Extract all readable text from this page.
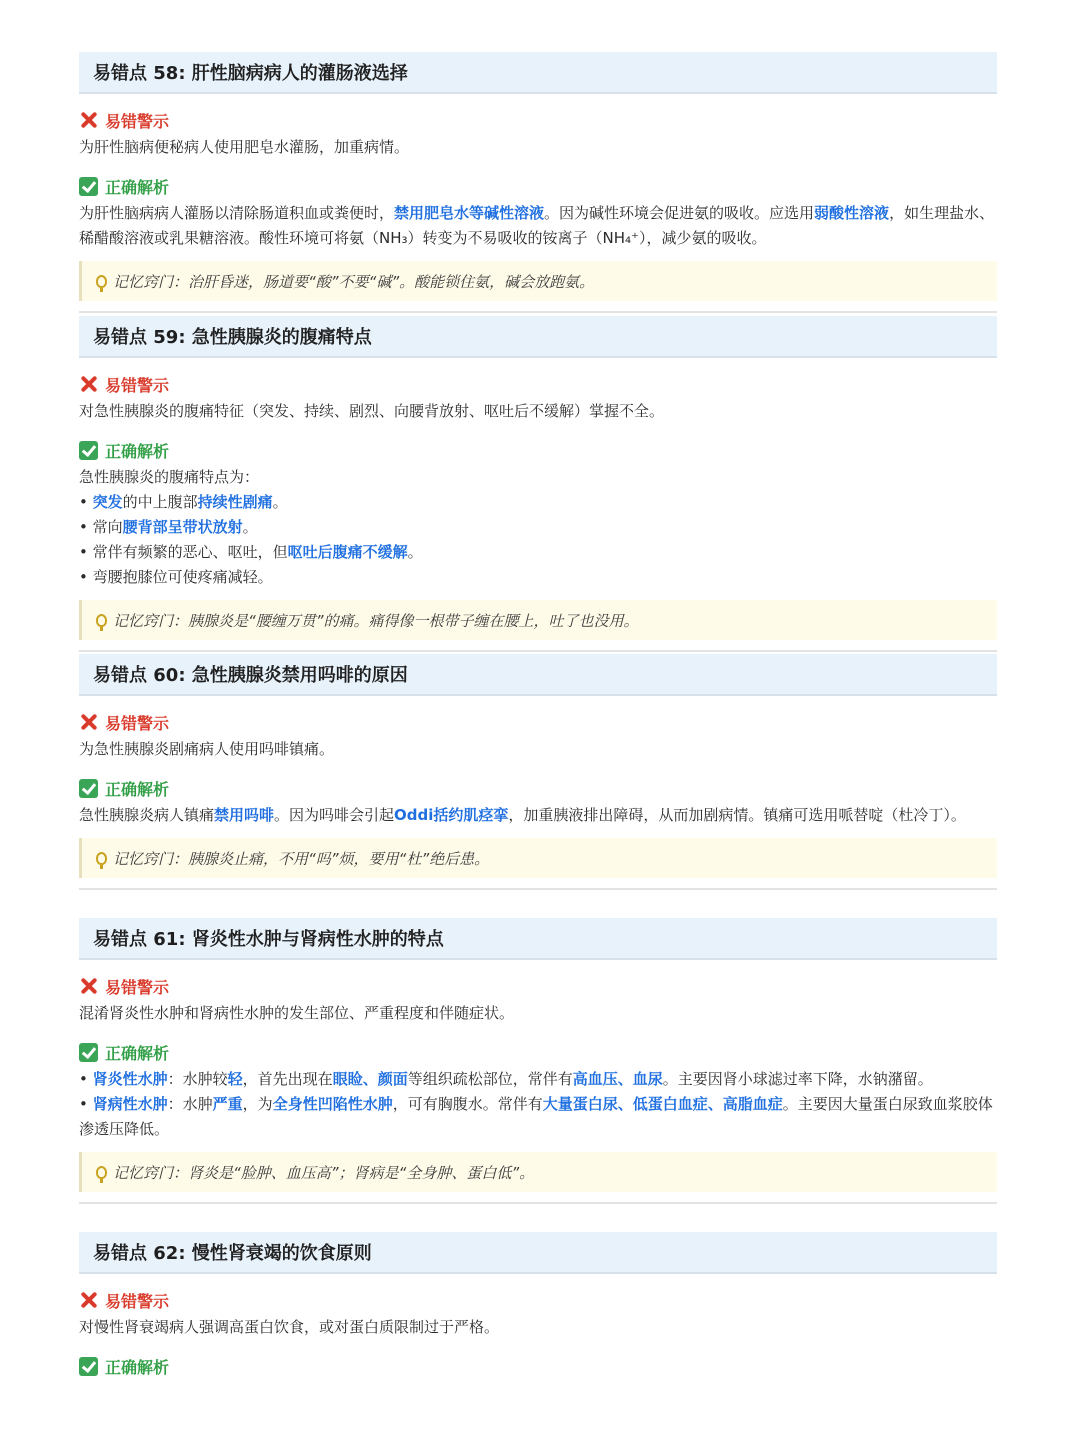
易错点 58: 肝性脑病病人的灌肠液选择
易错警示
为肝性脑病便秘病人使用肥皂水灌肠，加重病情。
正确解析
为肝性脑病病人灌肠以清除肠道积血或粪便时，禁用肥皂水等碱性溶液。因为碱性环境会促进氨的吸收。应选用弱酸性溶液，如生理盐水、稀醋酸溶液或乳果糖溶液。酸性环境可将氨（NH₃）转变为不易吸收的铵离子（NH₄⁺），减少氨的吸收。
记忆窍门：治肝昏迷，肠道要“酸”不要“碱”。酸能锁住氨，碱会放跑氨。
易错点 59: 急性胰腺炎的腹痛特点
易错警示
对急性胰腺炎的腹痛特征（突发、持续、剧烈、向腰背放射、呕吐后不缓解）掌握不全。
正确解析
急性胰腺炎的腹痛特点为：
• 突发的中上腹部持续性剧痛。
• 常向腰背部呈带状放射。
• 常伴有频繁的恶心、呕吐，但呕吐后腹痛不缓解。
• 弯腰抱膝位可使疼痛减轻。
记忆窍门：胰腺炎是“腰缠万贯”的痛。痛得像一根带子缠在腰上，吐了也没用。
易错点 60: 急性胰腺炎禁用吗啡的原因
易错警示
为急性胰腺炎剧痛病人使用吗啡镇痛。
正确解析
急性胰腺炎病人镇痛禁用吗啡。因为吗啡会引起Oddi括约肌痉挛，加重胰液排出障碍，从而加剧病情。镇痛可选用哌替啶（杜冷丁）。
记忆窍门：胰腺炎止痛，不用“吗”烦，要用“杜”绝后患。
易错点 61: 肾炎性水肿与肾病性水肿的特点
易错警示
混淆肾炎性水肿和肾病性水肿的发生部位、严重程度和伴随症状。
正确解析
• 肾炎性水肿：水肿较轻，首先出现在眼睑、颜面等组织疏松部位，常伴有高血压、血尿。主要因肾小球滤过率下降，水钠潴留。
• 肾病性水肿：水肿严重，为全身性凹陷性水肿，可有胸腹水。常伴有大量蛋白尿、低蛋白血症、高脂血症。主要因大量蛋白尿致血浆胶体渗透压降低。
记忆窍门：肾炎是“脸肿、血压高”；肾病是“全身肿、蛋白低”。
易错点 62: 慢性肾衰竭的饮食原则
易错警示
对慢性肾衰竭病人强调高蛋白饮食，或对蛋白质限制过于严格。
正确解析
